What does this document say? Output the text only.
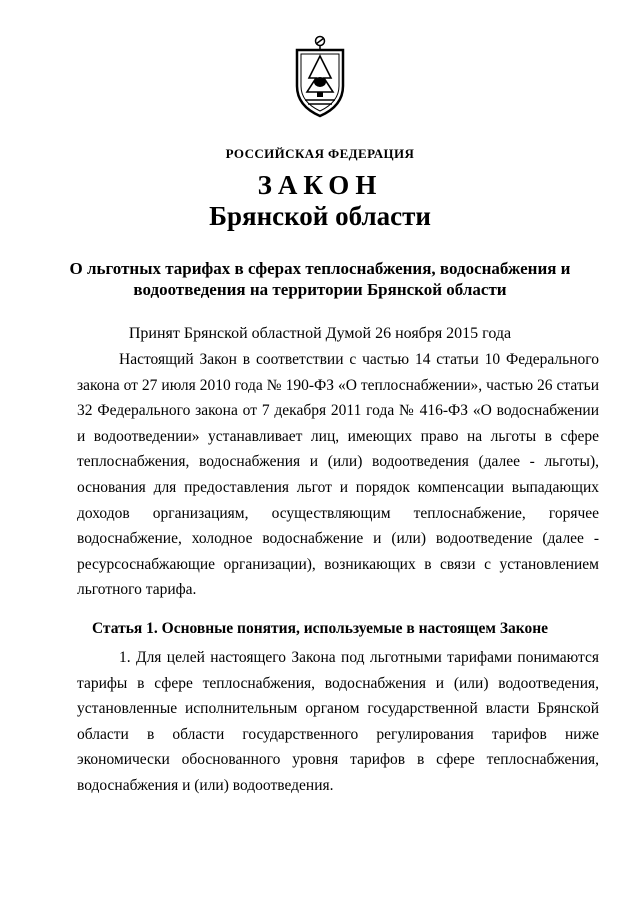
РОССИЙСКАЯ ФЕДЕРАЦИЯ
ЗАКОН
Брянской области
О льготных тарифах в сферах теплоснабжения, водоснабжения и
водоотведения на территории Брянской области
Принят Брянской областной Думой 26 ноября 2015 года
Настоящий Закон в соответствии с частью 14 статьи 10 Федерального закона от 27 июля 2010 года № 190-ФЗ «О теплоснабжении», частью 26 статьи 32 Федерального закона от 7 декабря 2011 года № 416-ФЗ «О водоснабжении и водоотведении» устанавливает лиц, имеющих право на льготы в сфере теплоснабжения, водоснабжения и (или) водоотведения (далее - льготы), основания для предоставления льгот и порядок компенсации выпадающих доходов организациям, осуществляющим теплоснабжение, горячее водоснабжение, холодное водоснабжение и (или) водоотведение (далее - ресурсоснабжающие организации), возникающих в связи с установлением льготного тарифа.
Статья 1. Основные понятия, используемые в настоящем Законе
1. Для целей настоящего Закона под льготными тарифами понимаются тарифы в сфере теплоснабжения, водоснабжения и (или) водоотведения, установленные исполнительным органом государственной власти Брянской области в области государственного регулирования тарифов ниже экономически обоснованного уровня тарифов в сфере теплоснабжения, водоснабжения и (или) водоотведения.
